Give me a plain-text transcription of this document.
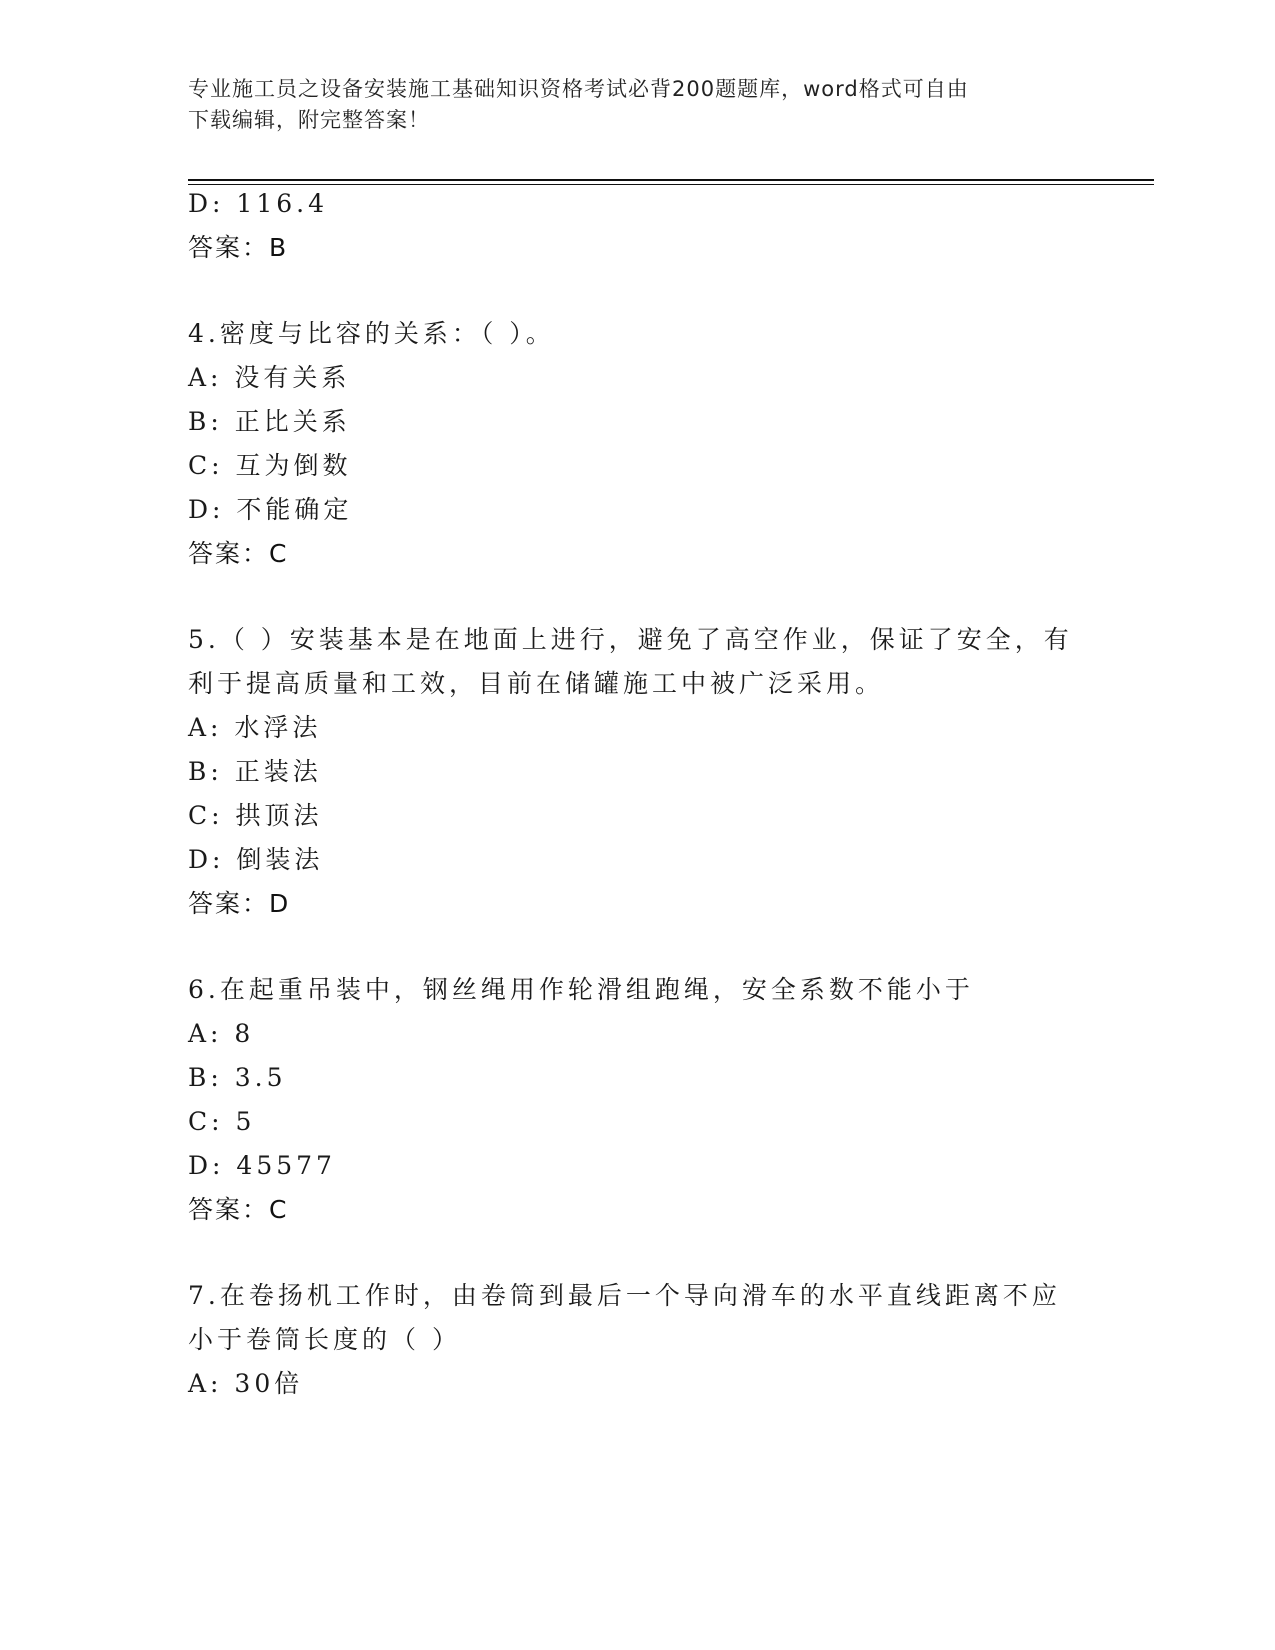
专业施工员之设备安装施工基础知识资格考试必背200题题库，word格式可自由
下载编辑，附完整答案！
D: 116.4
答案：B
4.密度与比容的关系：（ ）。
A: 没有关系
B: 正比关系
C: 互为倒数
D: 不能确定
答案：C
5.（ ）安装基本是在地面上进行，避免了高空作业，保证了安全，有
利于提高质量和工效，目前在储罐施工中被广泛采用。
A: 水浮法
B: 正装法
C: 拱顶法
D: 倒装法
答案：D
6.在起重吊装中，钢丝绳用作轮滑组跑绳，安全系数不能小于
A: 8
B: 3.5
C: 5
D: 45577
答案：C
7.在卷扬机工作时，由卷筒到最后一个导向滑车的水平直线距离不应
小于卷筒长度的（ ）
A: 30倍
